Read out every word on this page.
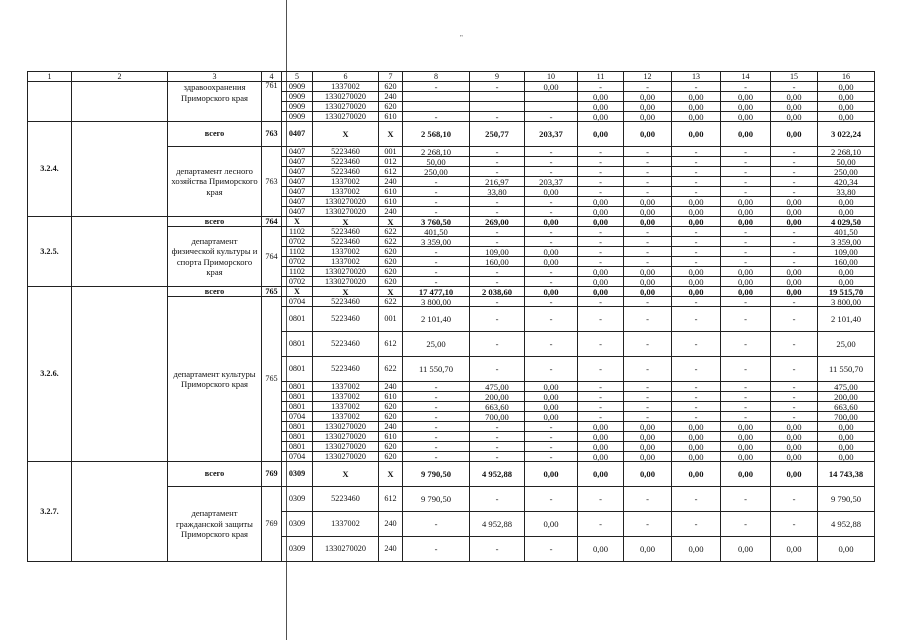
"
1	2	3	4	5	6	7	8	9	10	11	12	13	14	15	16
		здравоохранения Приморского края	761	0909	1337002	620	-	-	0,00	-	-	-	-	-	0,00
				0909	1330270020	240				0,00	0,00	0,00	0,00	0,00	0,00
				0909	1330270020	620				0,00	0,00	0,00	0,00	0,00	0,00
				0909	1330270020	610	-	-	-	0,00	0,00	0,00	0,00	0,00	0,00
3.2.4.		всего	763	0407	X	X	2 568,10	250,77	203,37	0,00	0,00	0,00	0,00	0,00	3 022,24
		департамент лесного хозяйства Приморского края	763	0407	5223460	001	2 268,10	-	-	-	-	-	-	-	2 268,10
				0407	5223460	012	50,00	-	-	-	-	-	-	-	50,00
				0407	5223460	612	250,00	-	-	-	-	-	-	-	250,00
				0407	1337002	240	-	216,97	203,37	-	-	-	-	-	420,34
				0407	1337002	610	-	33,80	0,00	-	-	-	-	-	33,80
				0407	1330270020	610	-	-	-	0,00	0,00	0,00	0,00	0,00	0,00
				0407	1330270020	240	-	-	-	0,00	0,00	0,00	0,00	0,00	0,00
3.2.5.		всего	764	X	X	X	3 760,50	269,00	0,00	0,00	0,00	0,00	0,00	0,00	4 029,50
		департамент физической культуры и спорта Приморского края	764	1102	5223460	622	401,50	-	-	-	-	-	-	-	401,50
				0702	5223460	622	3 359,00	-	-	-	-	-	-	-	3 359,00
				1102	1337002	620	-	109,00	0,00	-	-	-	-	-	109,00
				0702	1337002	620	-	160,00	0,00	-	-	-	-	-	160,00
				1102	1330270020	620	-	-	-	0,00	0,00	0,00	0,00	0,00	0,00
				0702	1330270020	620	-	-	-	0,00	0,00	0,00	0,00	0,00	0,00
3.2.6.		всего	765	X	X	X	17 477,10	2 038,60	0,00	0,00	0,00	0,00	0,00	0,00	19 515,70
		департамент культуры Приморского края	765	0704	5223460	622	3 800,00	-	-	-	-	-	-	-	3 800,00
				0801	5223460	001	2 101,40	-	-	-	-	-	-	-	2 101,40
				0801	5223460	612	25,00	-	-	-	-	-	-	-	25,00
				0801	5223460	622	11 550,70	-	-	-	-	-	-	-	11 550,70
				0801	1337002	240	-	475,00	0,00	-	-	-	-	-	475,00
				0801	1337002	610	-	200,00	0,00	-	-	-	-	-	200,00
				0801	1337002	620	-	663,60	0,00	-	-	-	-	-	663,60
				0704	1337002	620	-	700,00	0,00	-	-	-	-	-	700,00
				0801	1330270020	240	-	-	-	0,00	0,00	0,00	0,00	0,00	0,00
				0801	1330270020	610	-	-	-	0,00	0,00	0,00	0,00	0,00	0,00
				0801	1330270020	620	-	-	-	0,00	0,00	0,00	0,00	0,00	0,00
				0704	1330270020	620	-	-	-	0,00	0,00	0,00	0,00	0,00	0,00
3.2.7.		всего	769	0309	X	X	9 790,50	4 952,88	0,00	0,00	0,00	0,00	0,00	0,00	14 743,38
		департамент гражданской защиты Приморского края	769	0309	5223460	612	9 790,50	-	-	-	-	-	-	-	9 790,50
				0309	1337002	240	-	4 952,88	0,00	-	-	-	-	-	4 952,88
				0309	1330270020	240	-	-	-	0,00	0,00	0,00	0,00	0,00	0,00
